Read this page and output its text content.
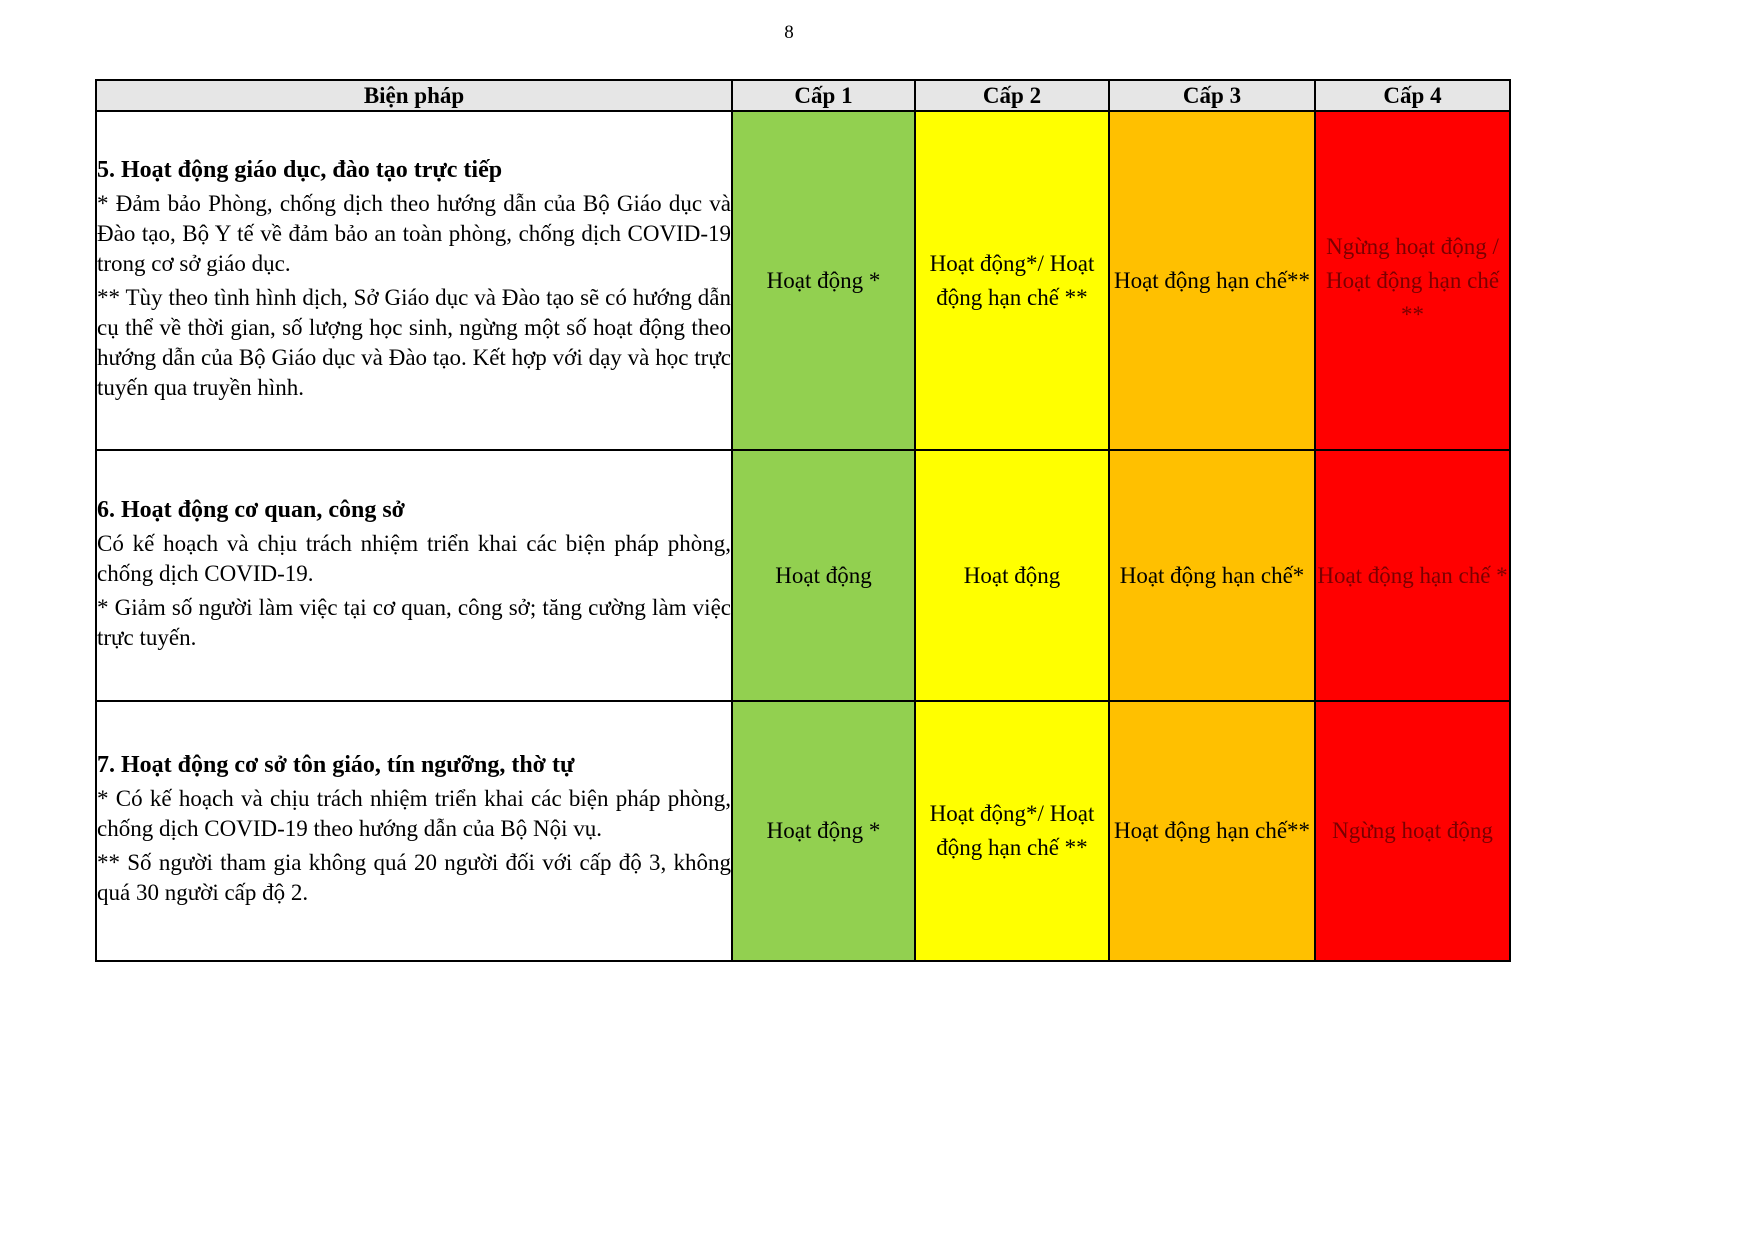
8
Biện pháp	Cấp 1	Cấp 2	Cấp 3	Cấp 4

5. Hoạt động giáo dục, đào tạo trực tiếp

* Đảm bảo Phòng, chống dịch theo hướng dẫn của Bộ Giáo dục và Đào tạo, Bộ Y tế về đảm bảo an toàn phòng, chống dịch COVID-19 trong cơ sở giáo dục.

** Tùy theo tình hình dịch, Sở Giáo dục và Đào tạo sẽ có hướng dẫn cụ thể về thời gian, số lượng học sinh, ngừng một số hoạt động theo hướng dẫn của Bộ Giáo dục và Đào tạo. Kết hợp với dạy và học trực tuyến qua truyền hình.	Hoạt động *	Hoạt động*/ Hoạt động hạn chế **	Hoạt động hạn chế**	Ngừng hoạt động / Hoạt động hạn chế **

6. Hoạt động cơ quan, công sở

Có kế hoạch và chịu trách nhiệm triển khai các biện pháp phòng, chống dịch COVID-19.

* Giảm số người làm việc tại cơ quan, công sở; tăng cường làm việc trực tuyến.	Hoạt động	Hoạt động	Hoạt động hạn chế*	Hoạt động hạn chế *

7. Hoạt động cơ sở tôn giáo, tín ngưỡng, thờ tự

* Có kế hoạch và chịu trách nhiệm triển khai các biện pháp phòng, chống dịch COVID-19 theo hướng dẫn của Bộ Nội vụ.

** Số người tham gia không quá 20 người đối với cấp độ 3, không quá 30 người cấp độ 2.	Hoạt động *	Hoạt động*/ Hoạt động hạn chế **	Hoạt động hạn chế**	Ngừng hoạt động
